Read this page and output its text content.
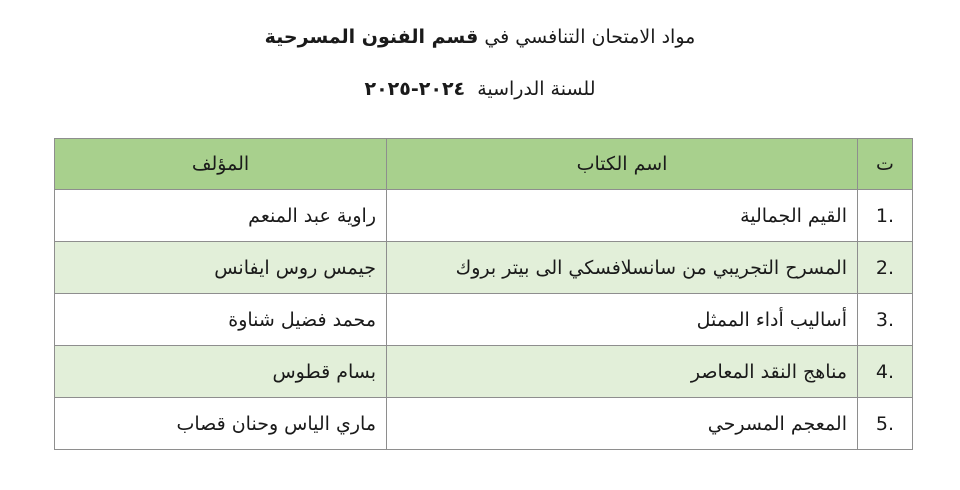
مواد الامتحان التنافسي في قسم الفنون المسرحية
للسنة الدراسية ٢٠٢٤-٢٠٢٥
ت	اسم الكتاب	المؤلف
1.	القيم الجمالية	راوية عبد المنعم
2.	المسرح التجريبي من سانسلافسكي الى بيتر بروك	جيمس روس ايفانس
3.	أساليب أداء الممثل	محمد فضيل شناوة
4.	مناهج النقد المعاصر	بسام قطوس
5.	المعجم المسرحي	ماري الياس وحنان قصاب
